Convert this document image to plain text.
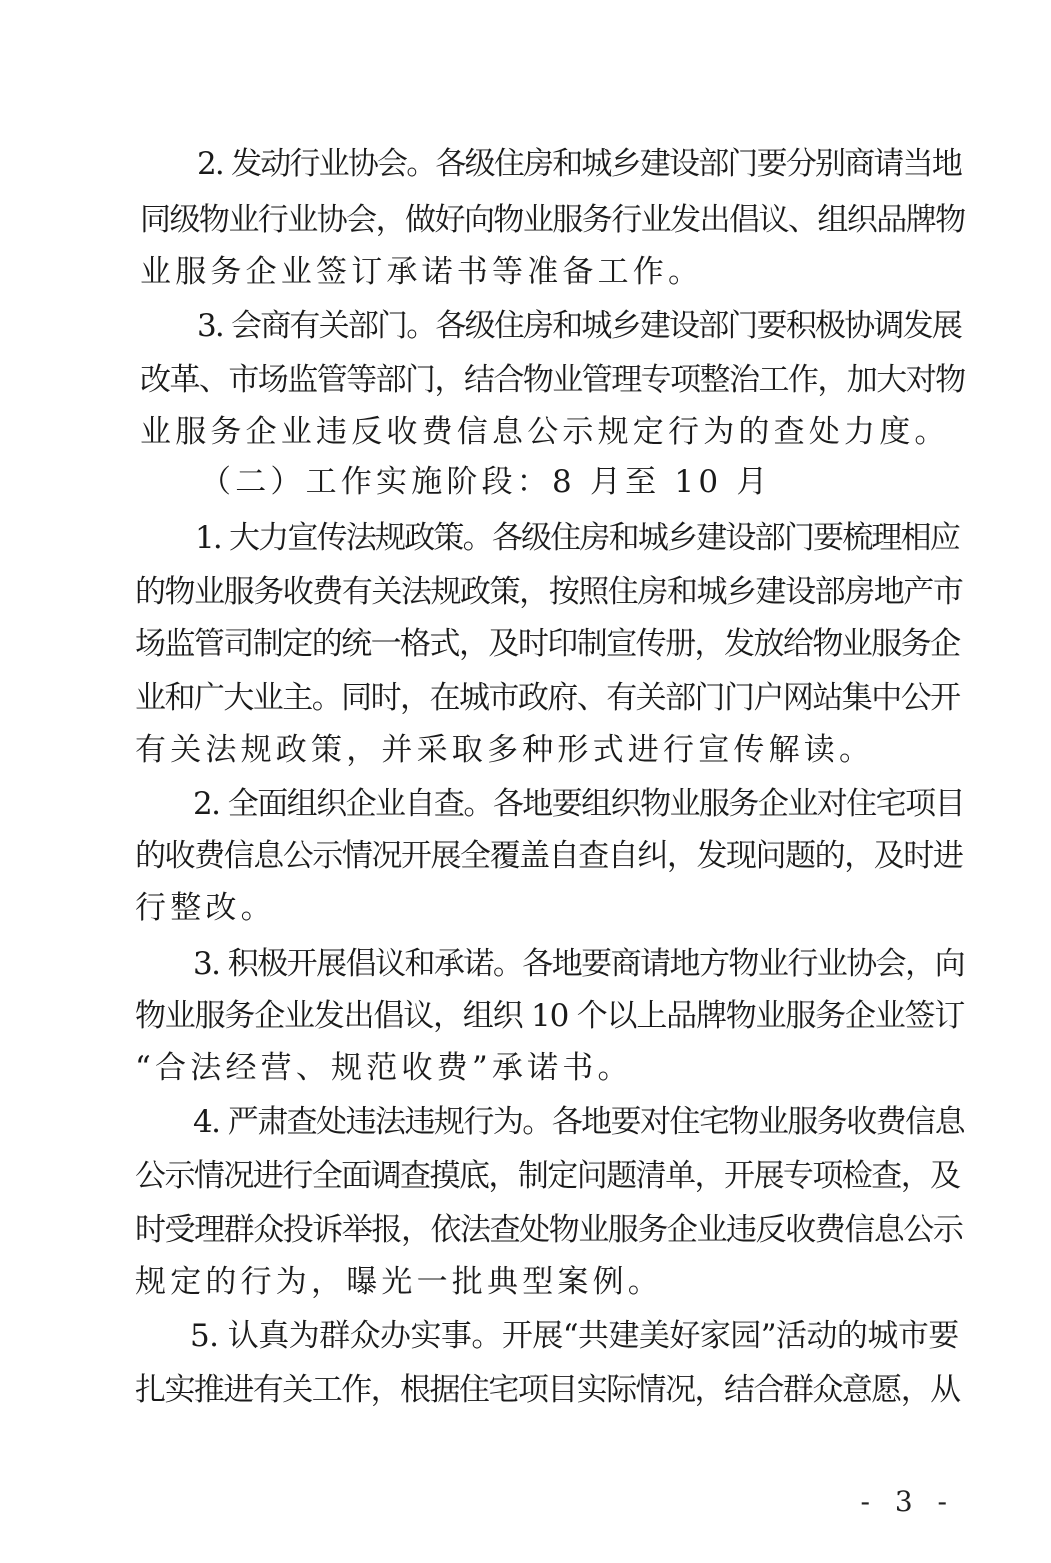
2. 发动行业协会。各级住房和城乡建设部门要分别商请当地
同级物业行业协会，做好向物业服务行业发出倡议、组织品牌物
业服务企业签订承诺书等准备工作。
3. 会商有关部门。各级住房和城乡建设部门要积极协调发展
改革、市场监管等部门，结合物业管理专项整治工作，加大对物
业服务企业违反收费信息公示规定行为的查处力度。
（二）工作实施阶段：8 月至 10 月
1. 大力宣传法规政策。各级住房和城乡建设部门要梳理相应
的物业服务收费有关法规政策，按照住房和城乡建设部房地产市
场监管司制定的统一格式，及时印制宣传册，发放给物业服务企
业和广大业主。同时，在城市政府、有关部门门户网站集中公开
有关法规政策，并采取多种形式进行宣传解读。
2. 全面组织企业自查。各地要组织物业服务企业对住宅项目
的收费信息公示情况开展全覆盖自查自纠，发现问题的，及时进
行整改。
3. 积极开展倡议和承诺。各地要商请地方物业行业协会，向
物业服务企业发出倡议，组织 10 个以上品牌物业服务企业签订
“合法经营、规范收费”承诺书。
4. 严肃查处违法违规行为。各地要对住宅物业服务收费信息
公示情况进行全面调查摸底，制定问题清单，开展专项检查，及
时受理群众投诉举报，依法查处物业服务企业违反收费信息公示
规定的行为，曝光一批典型案例。
5. 认真为群众办实事。开展“共建美好家园”活动的城市要
扎实推进有关工作，根据住宅项目实际情况，结合群众意愿，从
- 3 -
